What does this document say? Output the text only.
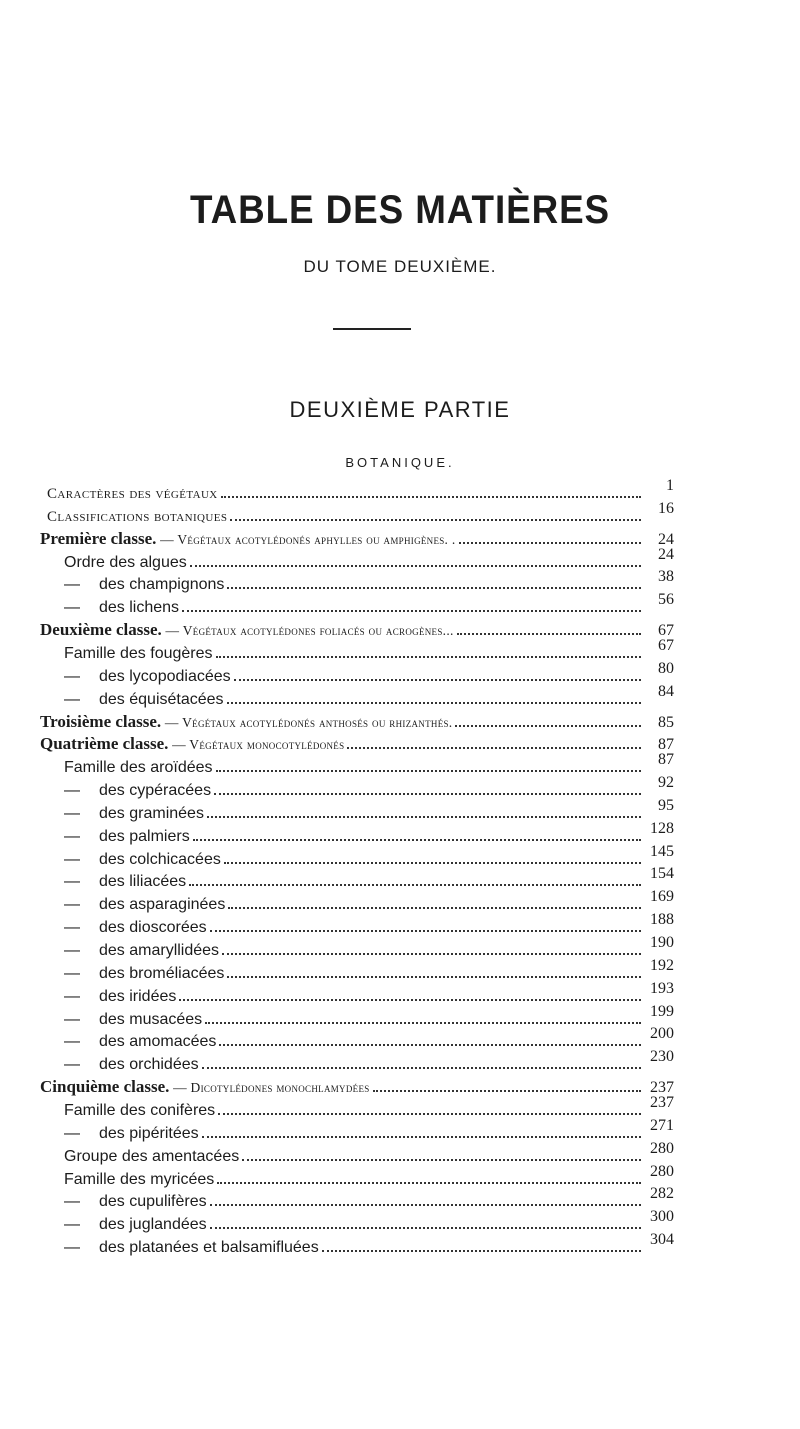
TABLE DES MATIÈRES
DU TOME DEUXIÈME.
DEUXIÈME PARTIE
BOTANIQUE.
Caractères des végétaux	1
Classifications botaniques	16
Première classe. — Végétaux acotylédonés aphylles ou amphigènes. .	24
Ordre des algues	24
— des champignons	38
— des lichens	56
Deuxième classe. — Végétaux acotylédones foliacés ou acrogènes...	67
Famille des fougères	67
— des lycopodiacées	80
— des équisétacées	84
Troisième classe. — Végétaux acotylédonés anthosés ou rhizanthés.	85
Quatrième classe. — Végétaux monocotylédonés	87
Famille des aroïdées	87
— des cypéracées	92
— des graminées	95
— des palmiers	128
— des colchicacées	145
— des liliacées	154
— des asparaginées	169
— des dioscorées	188
— des amaryllidées	190
— des broméliacées	192
— des iridées	193
— des musacées	199
— des amomacées	200
— des orchidées	230
Cinquième classe. — Dicotylédones monochlamydées	237
Famille des conifères	237
— des pipéritées	271
Groupe des amentacées	280
Famille des myricées	280
— des cupulifères	282
— des juglandées	300
— des platanées et balsamifluées	304
